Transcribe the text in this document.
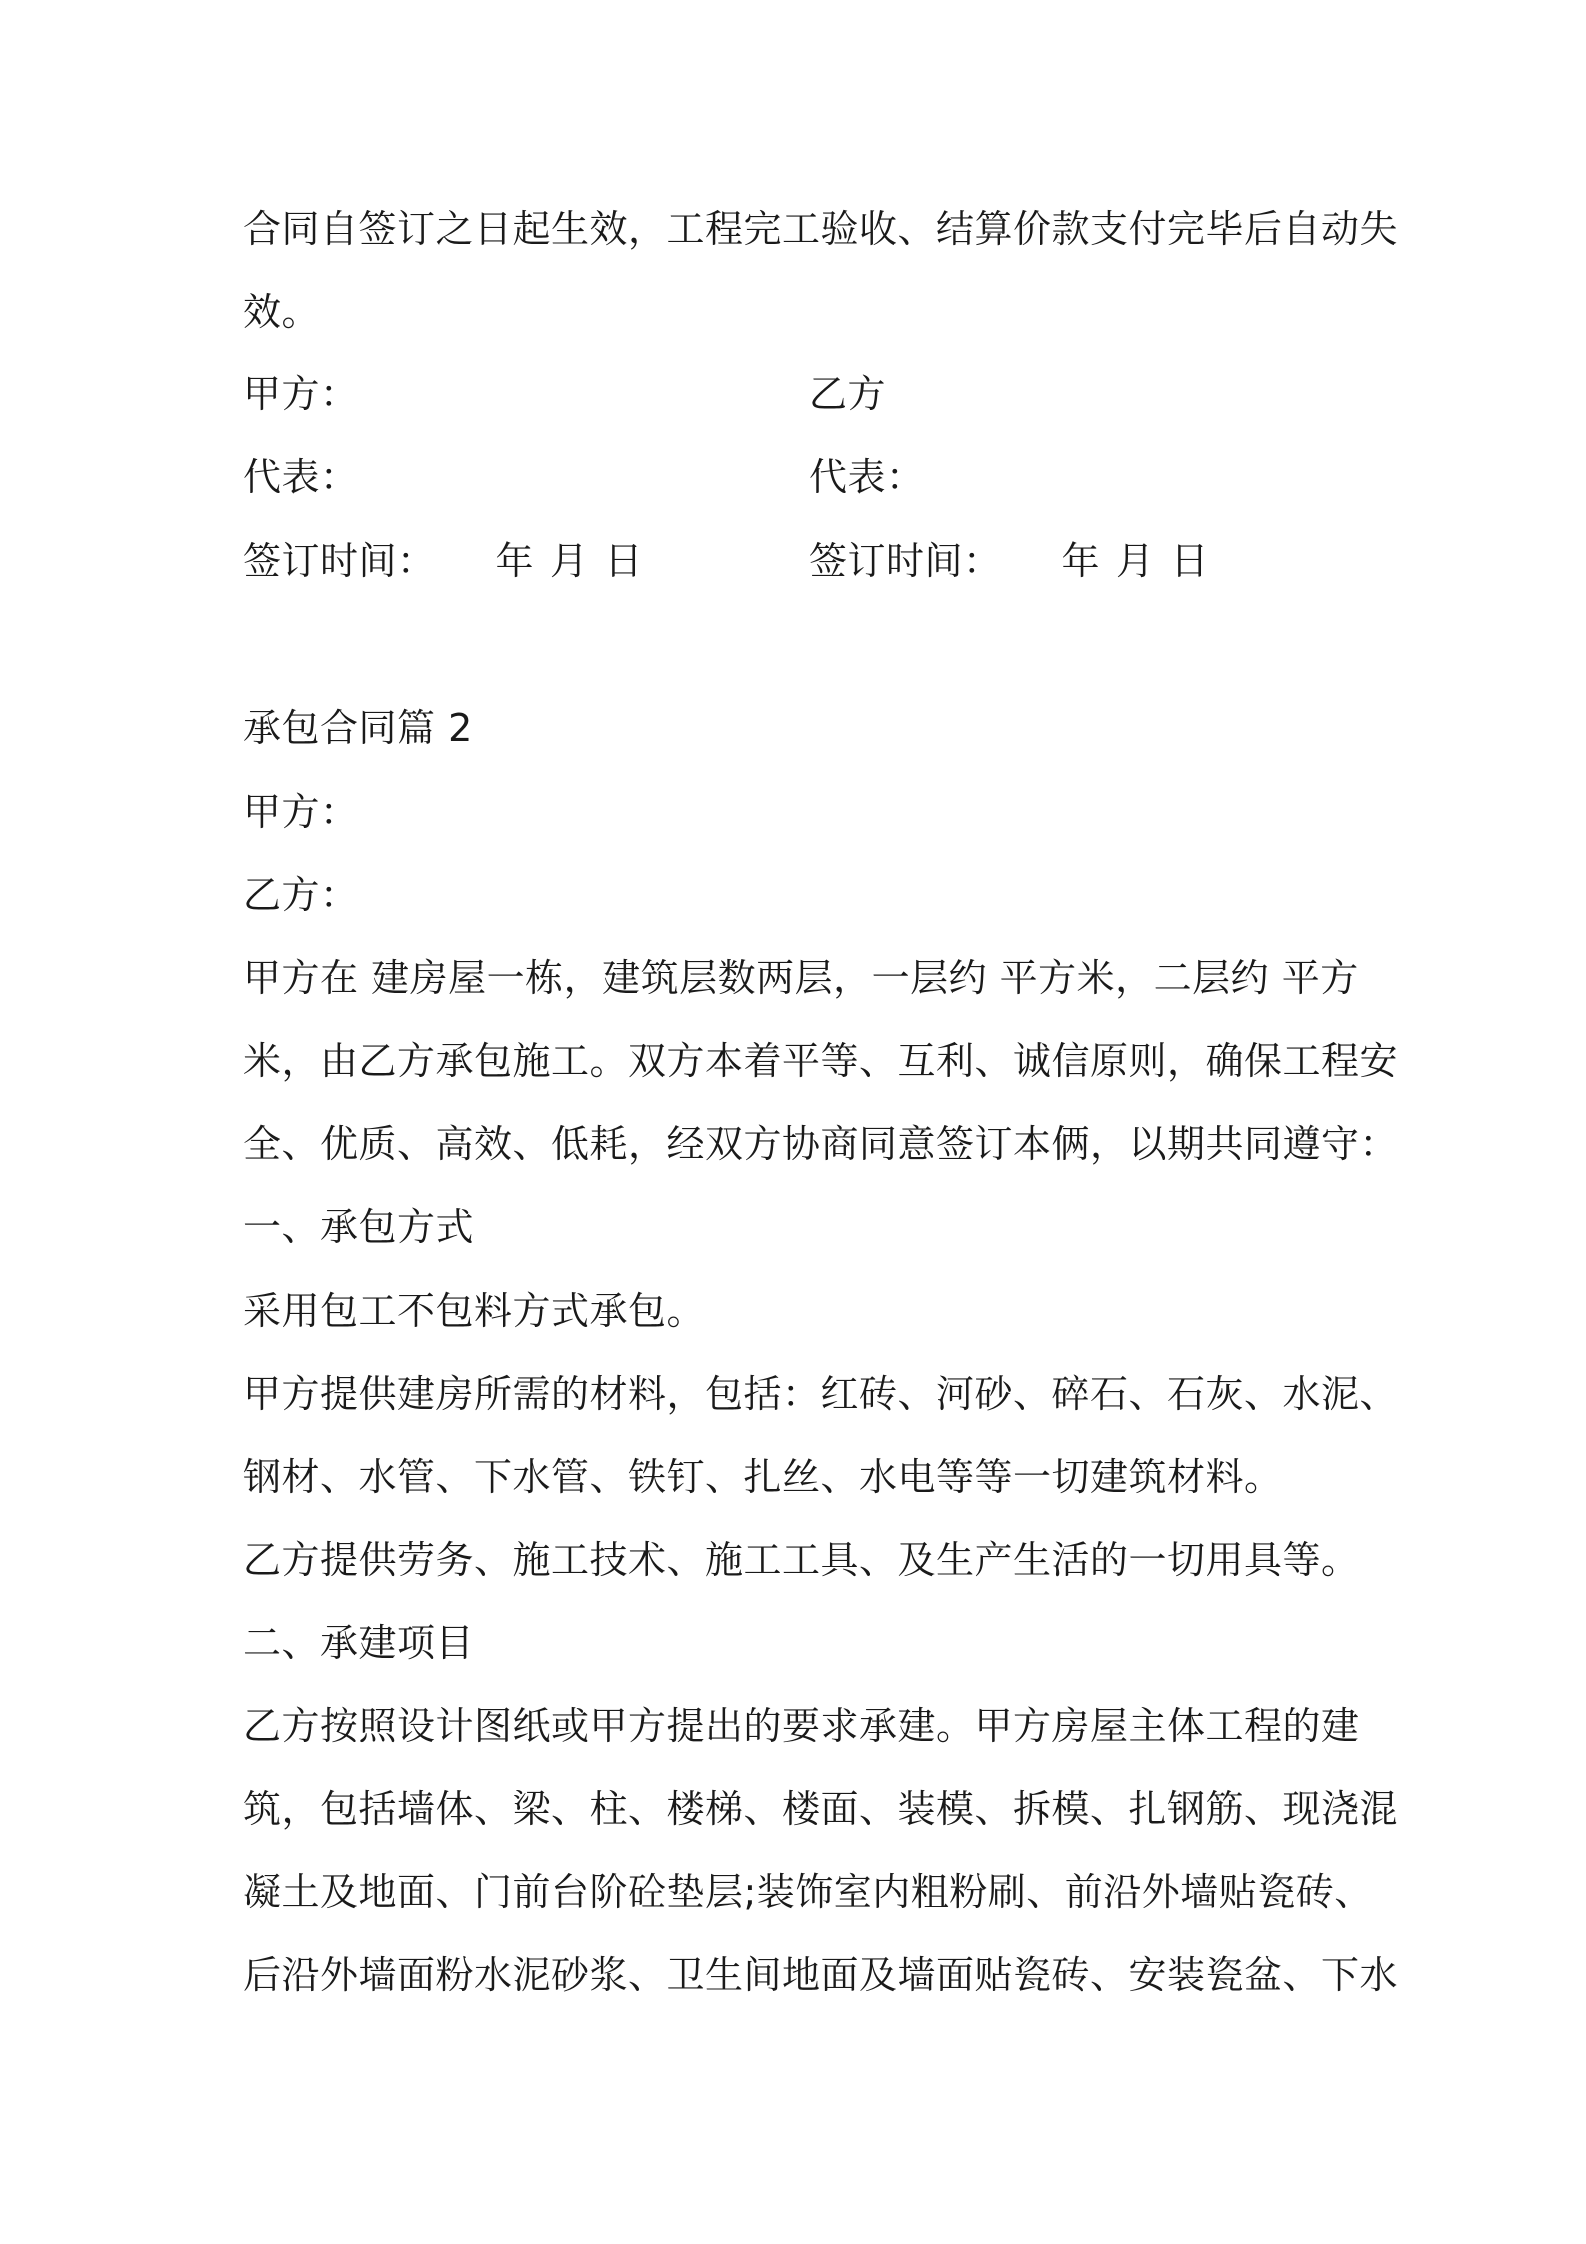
合同自签订之日起生效，工程完工验收、结算价款支付完毕后自动失
效。
甲方：	乙方
代表：	代表：
签订时间： 年 月 日	签订时间： 年 月 日
承包合同篇 2
甲方：
乙方：
甲方在 建房屋一栋，建筑层数两层，一层约 平方米，二层约 平方
米，由乙方承包施工。双方本着平等、互利、诚信原则，确保工程安
全、优质、高效、低耗，经双方协商同意签订本俩，以期共同遵守：
一、承包方式
采用包工不包料方式承包。
甲方提供建房所需的材料，包括：红砖、河砂、碎石、石灰、水泥、
钢材、水管、下水管、铁钉、扎丝、水电等等一切建筑材料。
乙方提供劳务、施工技术、施工工具、及生产生活的一切用具等。
二、承建项目
乙方按照设计图纸或甲方提出的要求承建。甲方房屋主体工程的建
筑，包括墙体、梁、柱、楼梯、楼面、装模、拆模、扎钢筋、现浇混
凝土及地面、门前台阶砼垫层;装饰室内粗粉刷、前沿外墙贴瓷砖、
后沿外墙面粉水泥砂浆、卫生间地面及墙面贴瓷砖、安装瓷盆、下水
